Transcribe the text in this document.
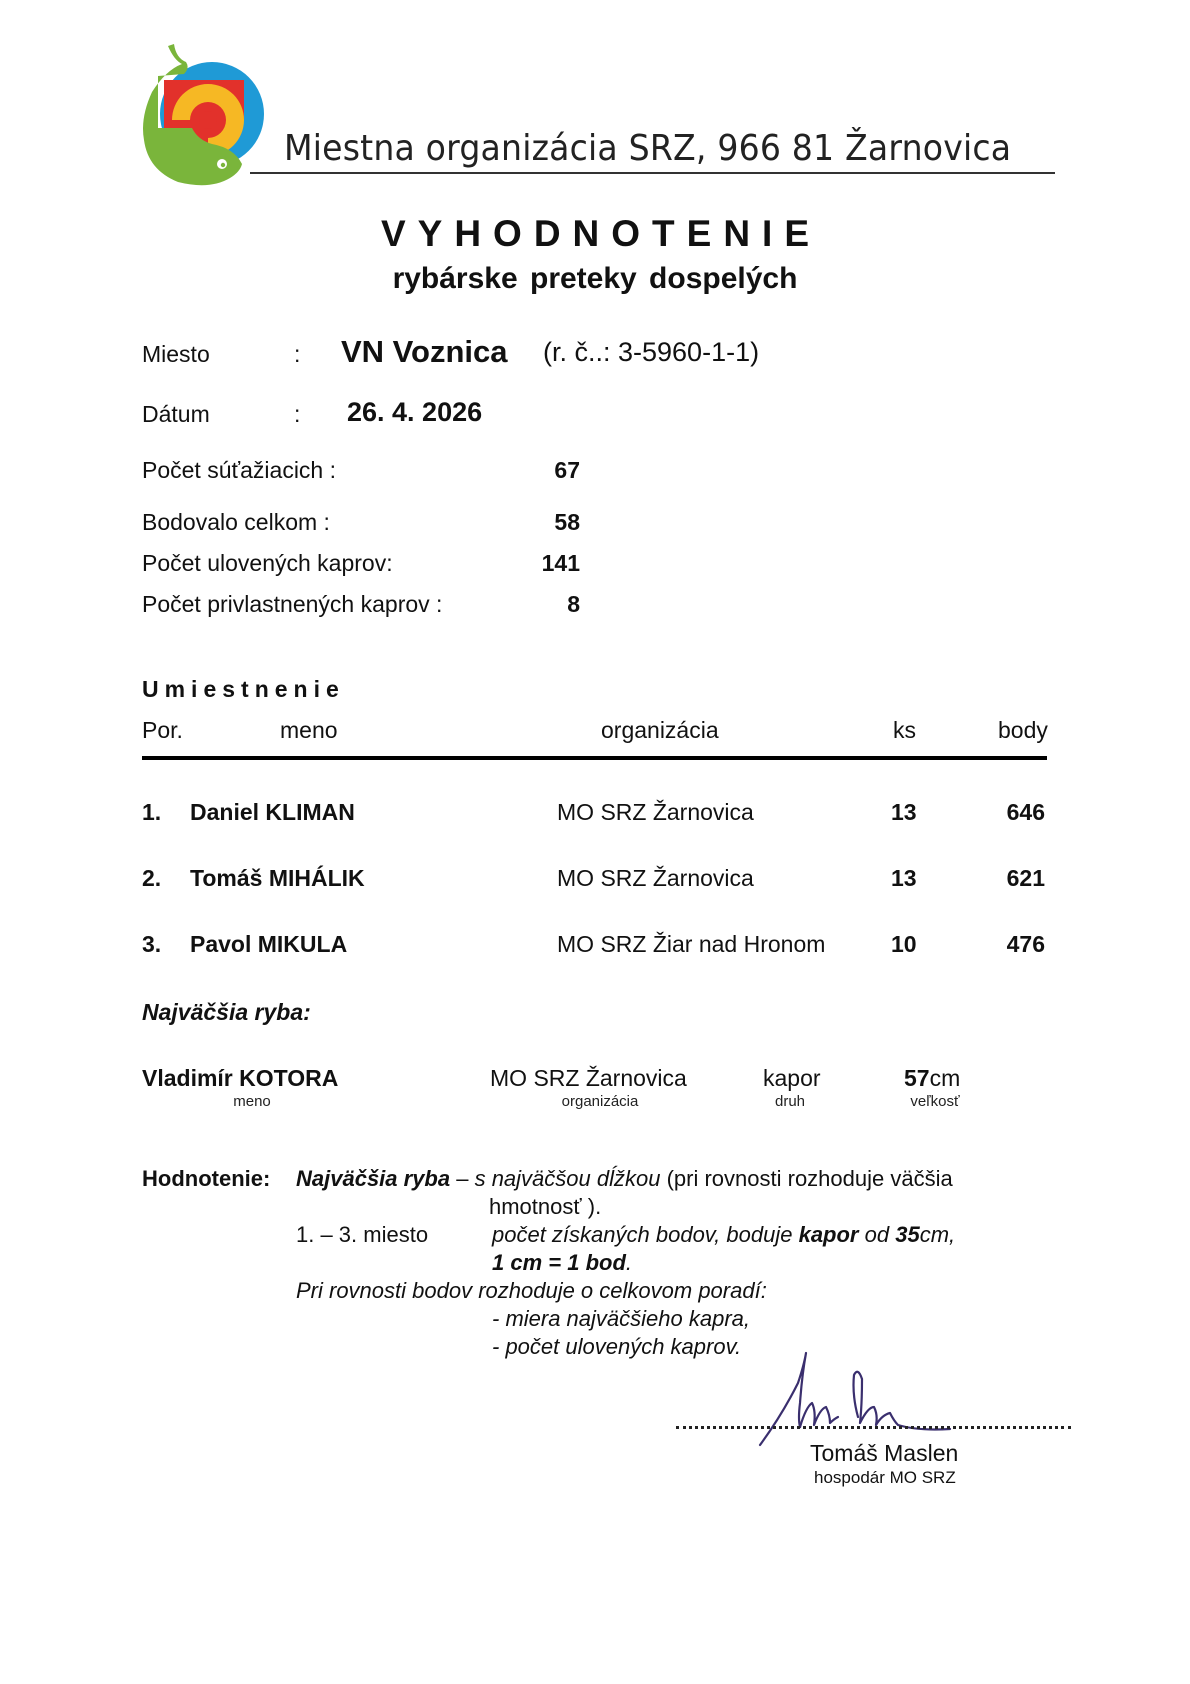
Miestna organizácia SRZ, 966 81 Žarnovica
VYHODNOTENIE
rybárske preteky dospelých
Miesto	: VN Voznica (r. č..: 3-5960-1-1)
Dátum	: 26. 4. 2026
Počet súťažiacich :	67
Bodovalo celkom :	58
Počet ulovených kaprov:	141
Počet privlastnených kaprov :	8
Umiestnenie
Por.	meno	organizácia	ks	body
1. Daniel KLIMAN	MO SRZ Žarnovica	13	646
2. Tomáš MIHÁLIK	MO SRZ Žarnovica	13	621
3. Pavol MIKULA	MO SRZ Žiar nad Hronom	10	476
Najväčšia ryba:
Vladimír KOTORA
meno
MO SRZ Žarnovica
organizácia
kapor
druh
57cm
veľkosť
Hodnotenie: Najväčšia ryba – s najväčšou dĺžkou (pri rovnosti rozhoduje väčšia
hmotnosť ).
1. – 3. miesto	počet získaných bodov, boduje kapor od 35cm,
1 cm = 1 bod.
Pri rovnosti bodov rozhoduje o celkovom poradí:
- miera najväčšieho kapra,
- počet ulovených kaprov.
Tomáš Maslen
hospodár MO SRZ
